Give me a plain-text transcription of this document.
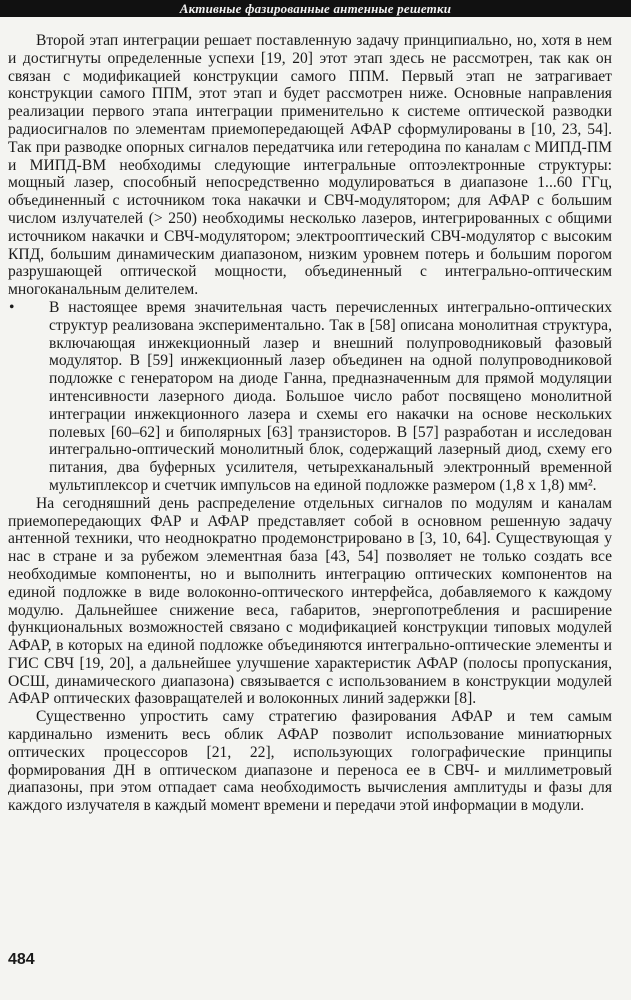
Активные фазированные антенные решетки

Второй этап интеграции решает поставленную задачу принципиально, но, хотя в нем и достигнуты определенные успехи [19, 20] этот этап здесь не рассмотрен, так как он связан с модификацией конструкции самого ППМ. Первый этап не затрагивает конструкции самого ППМ, этот этап и будет рассмотрен ниже. Основные направления реализации первого этапа интеграции применительно к системе оптической разводки радиосигналов по элементам приемопередающей АФАР сформулированы в [10, 23, 54]. Так при разводке опорных сигналов передатчика или гетеродина по каналам с МИПД-ПМ и МИПД-ВМ необходимы следующие интегральные оптоэлектронные структуры: мощный лазер, способный непосредственно модулироваться в диапазоне 1...60 ГГц, объединенный с источником тока накачки и СВЧ-модулятором; для АФАР с большим числом излучателей (> 250) необходимы несколько лазеров, интегрированных с общими источником накачки и СВЧ-модулятором; электрооптический СВЧ-модулятор с высоким КПД, большим динамическим диапазоном, низким уровнем потерь и большим порогом разрушающей оптической мощности, объединенный с интегрально-оптическим многоканальным делителем.

•	В настоящее время значительная часть перечисленных интегрально-оптических структур реализована экспериментально. Так в [58] описана монолитная структура, включающая инжекционный лазер и внешний полупроводниковый фазовый модулятор. В [59] инжекционный лазер объединен на одной полупроводниковой подложке с генератором на диоде Ганна, предназначенным для прямой модуляции интенсивности лазерного диода. Большое число работ посвящено монолитной интеграции инжекционного лазера и схемы его накачки на основе нескольких полевых [60–62] и биполярных [63] транзисторов. В [57] разработан и исследован интегрально-оптический монолитный блок, содержащий лазерный диод, схему его питания, два буферных усилителя, четырехканальный электронный временной мультиплексор и счетчик импульсов на единой подложке размером (1,8 x 1,8) мм².

На сегодняшний день распределение отдельных сигналов по модулям и каналам приемопередающих ФАР и АФАР представляет собой в основном решенную задачу антенной техники, что неоднократно продемонстрировано в [3, 10, 64]. Существующая у нас в стране и за рубежом элементная база [43, 54] позволяет не только создать все необходимые компоненты, но и выполнить интеграцию оптических компонентов на единой подложке в виде волоконно-оптического интерфейса, добавляемого к каждому модулю. Дальнейшее снижение веса, габаритов, энергопотребления и расширение функциональных возможностей связано с модификацией конструкции типовых модулей АФАР, в которых на единой подложке объединяются интегрально-оптические элементы и ГИС СВЧ [19, 20], а дальнейшее улучшение характеристик АФАР (полосы пропускания, ОСШ, динамического диапазона) связывается с использованием в конструкции модулей АФАР оптических фазовращателей и волоконных линий задержки [8].

Существенно упростить саму стратегию фазирования АФАР и тем самым кардинально изменить весь облик АФАР позволит использование миниатюрных оптических процессоров [21, 22], использующих голографические принципы формирования ДН в оптическом диапазоне и переноса ее в СВЧ- и миллиметровый диапазоны, при этом отпадает сама необходимость вычисления амплитуды и фазы для каждого излучателя в каждый момент времени и передачи этой информации в модули.

484
